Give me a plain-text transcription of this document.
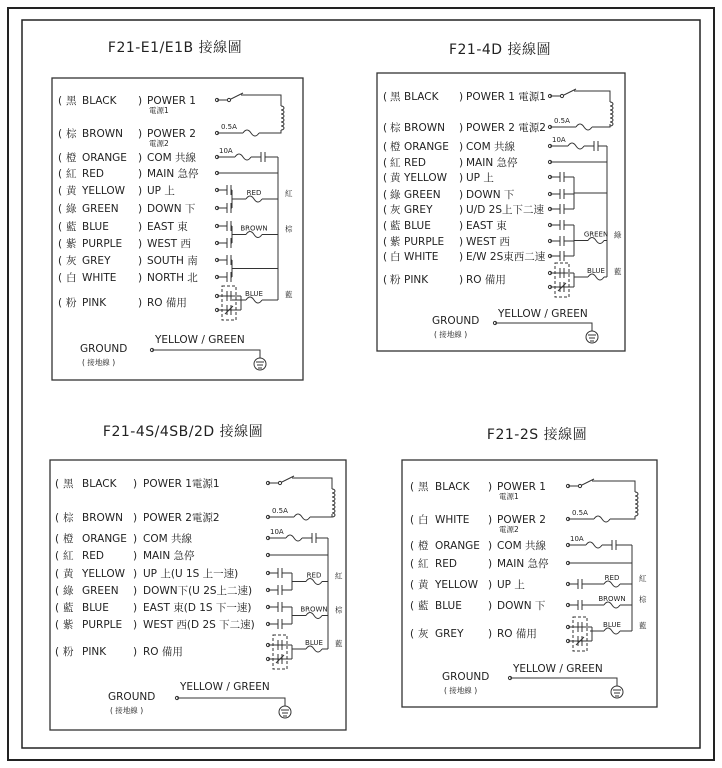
F21-E1/E1B 接線圖	F21-4D 接線圖
F21-4S/4SB/2D 接線圖	F21-2S 接線圖
( 黑 BLACK ) POWER 1
電源1
( 棕 BROWN ) POWER 2
電源2
( 橙 ORANGE ) COM 共線
( 紅 RED	) MAIN 急停
( 黄 YELLOW ) UP 上
( 綠 GREEN ) DOWN 下
( 藍 BLUE	) EAST 東
( 紫 PURPLE ) WEST 西
( 灰 GREY	) SOUTH 南
( 白 WHITE ) NORTH 北
( 粉 PINK	) RO 備用
0.5A
10A
RED	紅
BROWN 棕
BLUE	藍
GROUND
( 接地線 )
YELLOW / GREEN
( 黑 BLACK ) POWER 1 電源1
( 棕 BROWN ) POWER 2 電源2
( 橙 ORANGE ) COM 共線
( 紅 RED	) MAIN 急停
( 黄 YELLOW ) UP 上
( 綠 GREEN ) DOWN 下
( 灰 GREY	) U/D 2S上下二速
( 藍 BLUE	) EAST 東
( 紫 PURPLE ) WEST 西
( 白 WHITE ) E/W 2S東西二速
( 粉 PINK	) RO 備用
0.5A
10A
GREEN 綠
BLUE 藍
GROUND
( 接地線 )
YELLOW / GREEN
( 黑 BLACK ) POWER 1電源1
( 棕 BROWN ) POWER 2電源2
( 橙 ORANGE ) COM 共線
( 紅 RED	) MAIN 急停
( 黄 YELLOW ) UP 上(U 1S 上一速)
( 綠 GREEN ) DOWN下(U 2S上二速)
( 藍 BLUE ) EAST 東(D 1S 下一速)
( 紫 PURPLE ) WEST 西(D 2S 下二速)
( 粉 PINK	) RO 備用
0.5A
10A
RED 紅
BROWN 棕
BLUE 藍
GROUND
( 接地線 )
YELLOW / GREEN
( 黑 BLACK ) POWER 1
電源1
( 白 WHITE ) POWER 2
電源2
( 橙 ORANGE ) COM 共線
( 紅 RED	) MAIN 急停
( 黄 YELLOW ) UP 上
( 藍 BLUE ) DOWN 下
( 灰 GREY ) RO 備用
0.5A
10A
RED	紅
BROWN 棕
BLUE 藍
GROUND
( 接地線 )
YELLOW / GREEN
